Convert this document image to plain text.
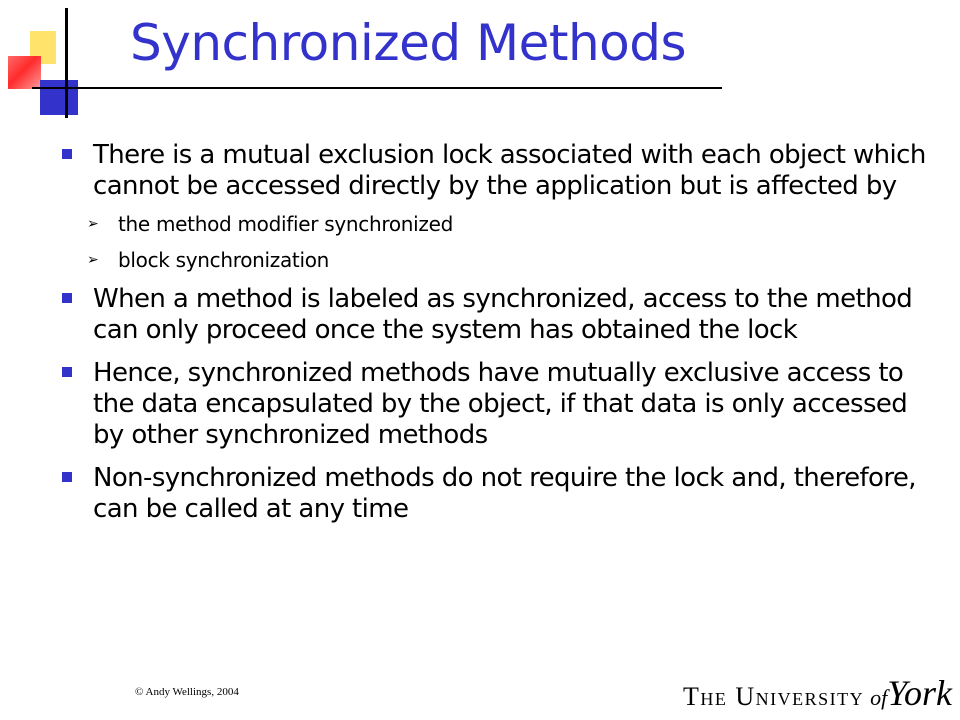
Synchronized Methods
There is a mutual exclusion lock associated with each object which cannot be accessed directly by the application but is affected by
➢ the method modifier synchronized
➢ block synchronization
When a method is labeled as synchronized, access to the method can only proceed once the system has obtained the lock
Hence, synchronized methods have mutually exclusive access to the data encapsulated by the object, if that data is only accessed by other synchronized methods
Non-synchronized methods do not require the lock and, therefore, can be called at any time
© Andy Wellings, 2004	The University ofYork
